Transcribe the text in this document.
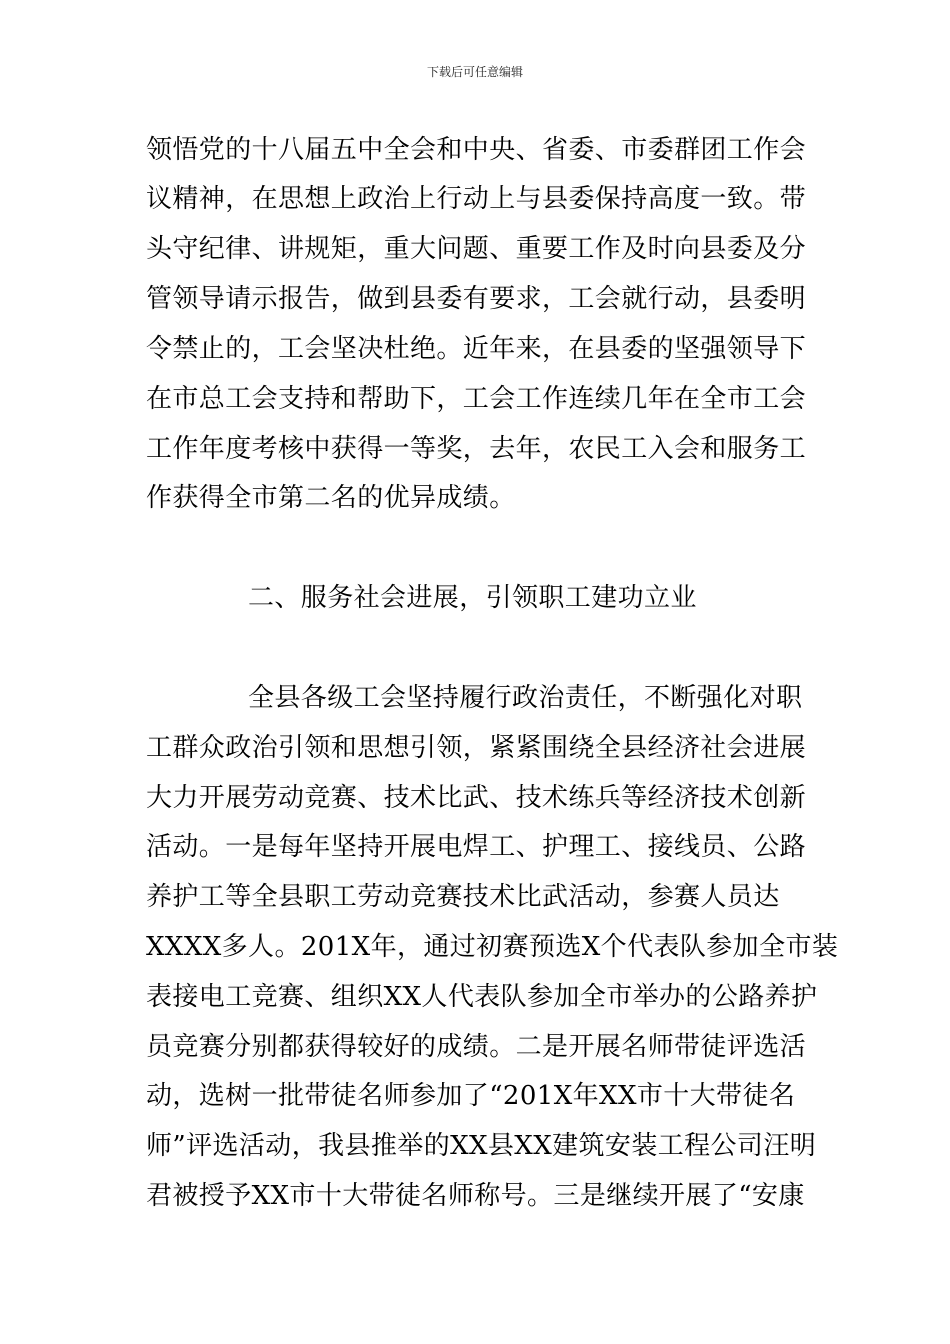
下载后可任意编辑
领悟党的十八届五中全会和中央、省委、市委群团工作会
议精神，在思想上政治上行动上与县委保持高度一致。带
头守纪律、讲规矩，重大问题、重要工作及时向县委及分
管领导请示报告，做到县委有要求，工会就行动，县委明
令禁止的，工会坚决杜绝。近年来，在县委的坚强领导下
在市总工会支持和帮助下，工会工作连续几年在全市工会
工作年度考核中获得一等奖，去年，农民工入会和服务工
作获得全市第二名的优异成绩。
二、服务社会进展，引领职工建功立业
全县各级工会坚持履行政治责任，不断强化对职
工群众政治引领和思想引领，紧紧围绕全县经济社会进展
大力开展劳动竞赛、技术比武、技术练兵等经济技术创新
活动。一是每年坚持开展电焊工、护理工、接线员、公路
养护工等全县职工劳动竞赛技术比武活动，参赛人员达
XXXX多人。201X年，通过初赛预选X个代表队参加全市装
表接电工竞赛、组织XX人代表队参加全市举办的公路养护
员竞赛分别都获得较好的成绩。二是开展名师带徒评选活
动，选树一批带徒名师参加了“201X年XX市十大带徒名
师”评选活动，我县推举的XX县XX建筑安装工程公司汪明
君被授予XX市十大带徒名师称号。三是继续开展了“安康
